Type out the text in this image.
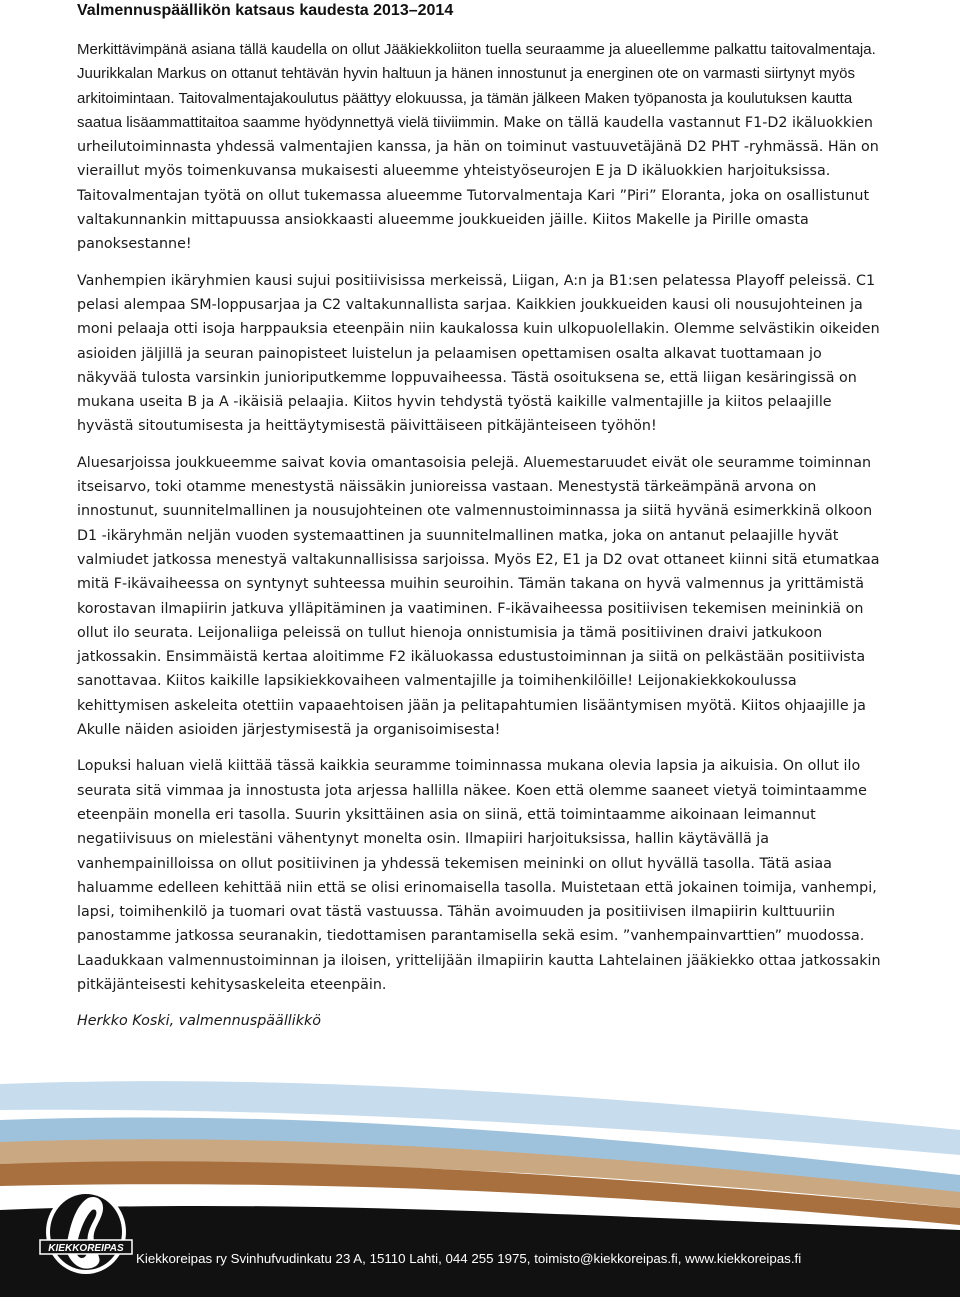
Valmennuspäällikön katsaus kaudesta 2013–2014

Merkittävimpänä asiana tällä kaudella on ollut Jääkiekkoliiton tuella seuraamme ja alueellemme palkattu taitovalmentaja. Juurikkalan Markus on ottanut tehtävän hyvin haltuun ja hänen innostunut ja energinen ote on varmasti siirtynyt myös arkitoimintaan. Taitovalmentajakoulutus päättyy elokuussa, ja tämän jälkeen Maken työpanosta ja koulutuksen kautta saatua lisäammattitaitoa saamme hyödynnettyä vielä tiiviimmin. Make on tällä kaudella vastannut F1-D2 ikäluokkien urheilutoiminnasta yhdessä valmentajien kanssa, ja hän on toiminut vastuuvetäjänä D2 PHT -ryhmässä. Hän on vieraillut myös toimenkuvansa mukaisesti alueemme yhteistyöseurojen E ja D ikäluokkien harjoituksissa. Taitovalmentajan työtä on ollut tukemassa alueemme Tutorvalmentaja Kari ”Piri” Eloranta, joka on osallistunut valtakunnankin mittapuussa ansiokkaasti alueemme joukkueiden jäille. Kiitos Makelle ja Pirille omasta panoksestanne!

Vanhempien ikäryhmien kausi sujui positiivisissa merkeissä, Liigan, A:n ja B1:sen pelatessa Playoff peleissä. C1 pelasi alempaa SM-loppusarjaa ja C2 valtakunnallista sarjaa. Kaikkien joukkueiden kausi oli nousujohteinen ja moni pelaaja otti isoja harppauksia eteenpäin niin kaukalossa kuin ulkopuolellakin. Olemme selvästikin oikeiden asioiden jäljillä ja seuran painopisteet luistelun ja pelaamisen opettamisen osalta alkavat tuottamaan jo näkyvää tulosta varsinkin junioriputkemme loppuvaiheessa. Tästä osoituksena se, että liigan kesäringissä on mukana useita B ja A -ikäisiä pelaajia. Kiitos hyvin tehdystä työstä kaikille valmentajille ja kiitos pelaajille hyvästä sitoutumisesta ja heittäytymisestä päivittäiseen pitkäjänteiseen työhön!

Aluesarjoissa joukkueemme saivat kovia omantasoisia pelejä. Aluemestaruudet eivät ole seuramme toiminnan itseisarvo, toki otamme menestystä näissäkin junioreissa vastaan. Menestystä tärkeämpänä arvona on innostunut, suunnitelmallinen ja nousujohteinen ote valmennustoiminnassa ja siitä hyvänä esimerkkinä olkoon D1 -ikäryhmän neljän vuoden systemaattinen ja suunnitelmallinen matka, joka on antanut pelaajille hyvät valmiudet jatkossa menestyä valtakunnallisissa sarjoissa. Myös E2, E1 ja D2 ovat ottaneet kiinni sitä etumatkaa mitä F-ikävaiheessa on syntynyt suhteessa muihin seuroihin. Tämän takana on hyvä valmennus ja yrittämistä korostavan ilmapiirin jatkuva ylläpitäminen ja vaatiminen. F-ikävaiheessa positiivisen tekemisen meininkiä on ollut ilo seurata. Leijonaliiga peleissä on tullut hienoja onnistumisia ja tämä positiivinen draivi jatkukoon jatkossakin. Ensimmäistä kertaa aloitimme F2 ikäluokassa edustustoiminnan ja siitä on pelkästään positiivista sanottavaa. Kiitos kaikille lapsikiekkovaiheen valmentajille ja toimihenkilöille! Leijonakiekkokoulussa kehittymisen askeleita otettiin vapaaehtoisen jään ja pelitapahtumien lisääntymisen myötä. Kiitos ohjaajille ja Akulle näiden asioiden järjestymisestä ja organisoimisesta!

Lopuksi haluan vielä kiittää tässä kaikkia seuramme toiminnassa mukana olevia lapsia ja aikuisia. On ollut ilo seurata sitä vimmaa ja innostusta jota arjessa hallilla näkee. Koen että olemme saaneet vietyä toimintaamme eteenpäin monella eri tasolla. Suurin yksittäinen asia on siinä, että toimintaamme aikoinaan leimannut negatiivisuus on mielestäni vähentynyt monelta osin. Ilmapiiri harjoituksissa, hallin käytävällä ja vanhempainilloissa on ollut positiivinen ja yhdessä tekemisen meininki on ollut hyvällä tasolla. Tätä asiaa haluamme edelleen kehittää niin että se olisi erinomaisella tasolla. Muistetaan että jokainen toimija, vanhempi, lapsi, toimihenkilö ja tuomari ovat tästä vastuussa. Tähän avoimuuden ja positiivisen ilmapiirin kulttuuriin panostamme jatkossa seuranakin, tiedottamisen parantamisella sekä esim. ”vanhempainvarttien” muodossa. Laadukkaan valmennustoiminnan ja iloisen, yrittelijään ilmapiirin kautta Lahtelainen jääkiekko ottaa jatkossakin pitkäjänteisesti kehitysaskeleita eteenpäin.

Herkko Koski, valmennuspäällikkö
KIEKKOREIPAS
Kiekkoreipas ry Svinhufvudinkatu 23 A, 15110 Lahti, 044 255 1975, toimisto@kiekkoreipas.fi, www.kiekkoreipas.fi
